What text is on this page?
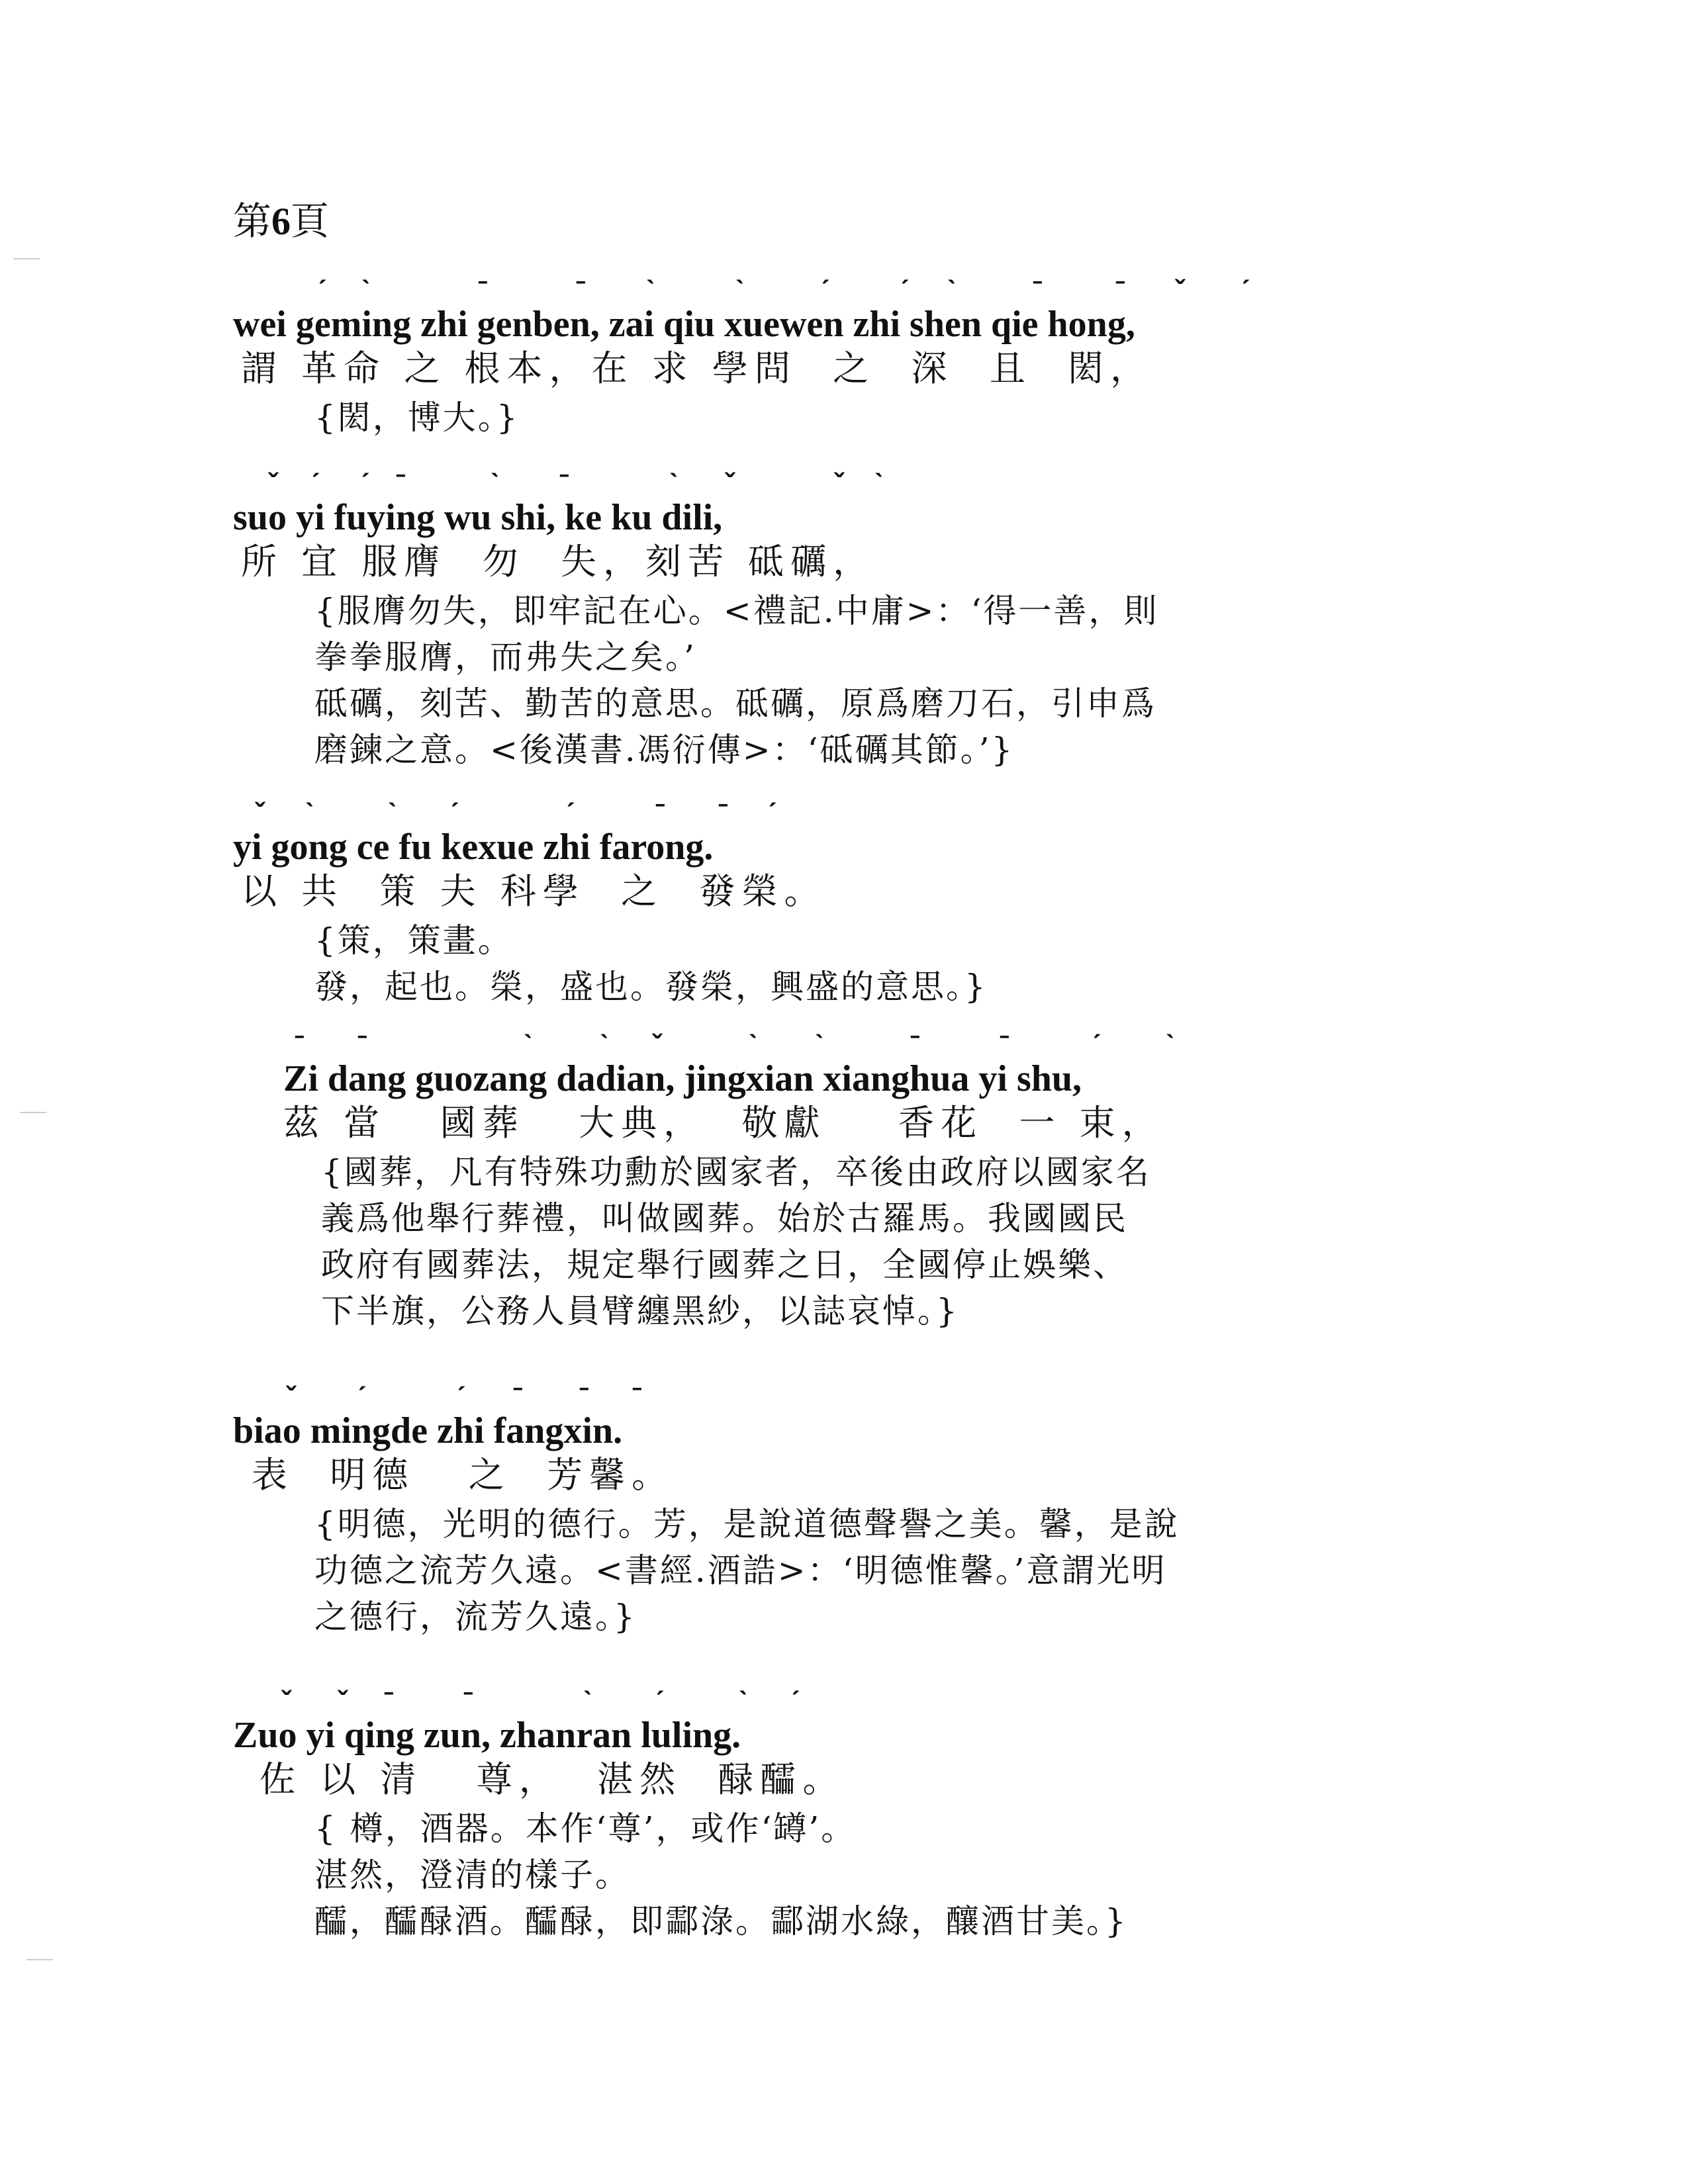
第6頁
ˊ ˋ	ˉ	ˉ ˋ	ˋ	ˊ ˊ ˋ	ˉ	ˉ ˇ ˊ
wei geming zhi genben, zai qiu xuewen zhi shen qie hong,
謂 革命 之 根本，在 求 學問  之  深  且  閎，
{閎，博大。}
ˇ ˊ ˊ ˉ	ˋ ˉ	ˋ ˇ	ˇ ˋ
suo yi fuying wu shi, ke ku dili,
所 宜 服膺  勿  失，刻苦 砥礪，
{服膺勿失，即牢記在心。<禮記.中庸>：‘得一善，則
拳拳服膺，而弗失之矣。’
砥礪，刻苦、勤苦的意思。砥礪，原爲磨刀石，引申爲
磨鍊之意。<後漢書.馮衍傳>：‘砥礪其節。’}
ˇ ˋ	ˋ ˊ	ˊ	ˉ ˉ ˊ
yi gong ce fu kexue zhi farong.
以 共  策 夫 科學  之  發榮。
{策，策畫。
發，起也。榮，盛也。發榮，興盛的意思。}
ˉ ˉ	ˋ ˋ ˇ	ˋ ˋ	ˉ	ˉ	ˊ ˋ
Zi dang guozang dadian, jingxian xianghua yi shu,
茲 當   國葬   大典，  敬獻    香花  一 束，
{國葬，凡有特殊功勳於國家者，卒後由政府以國家名
義爲他舉行葬禮，叫做國葬。始於古羅馬。我國國民
政府有國葬法，規定舉行國葬之日，全國停止娛樂、
下半旗，公務人員臂纏黑紗，以誌哀悼。}
ˇ ˊ	ˊ ˉ ˉ ˉ
biao mingde zhi fangxin.
表  明德   之  芳馨。
{明德，光明的德行。芳，是說道德聲譽之美。馨，是說
功德之流芳久遠。<書經.酒誥>：‘明德惟馨。’意謂光明
之德行，流芳久遠。}
ˇ ˇ ˉ ˉ	ˋ ˊ	ˋ ˊ
Zuo yi qing zun, zhanran luling.
佐 以 清   尊，  湛然  醁醽。
{ 樽，酒器。本作‘尊’，或作‘罇’。
湛然，澄清的樣子。
醽，醽醁酒。醽醁，即酃淥。酃湖水綠，釀酒甘美。}
